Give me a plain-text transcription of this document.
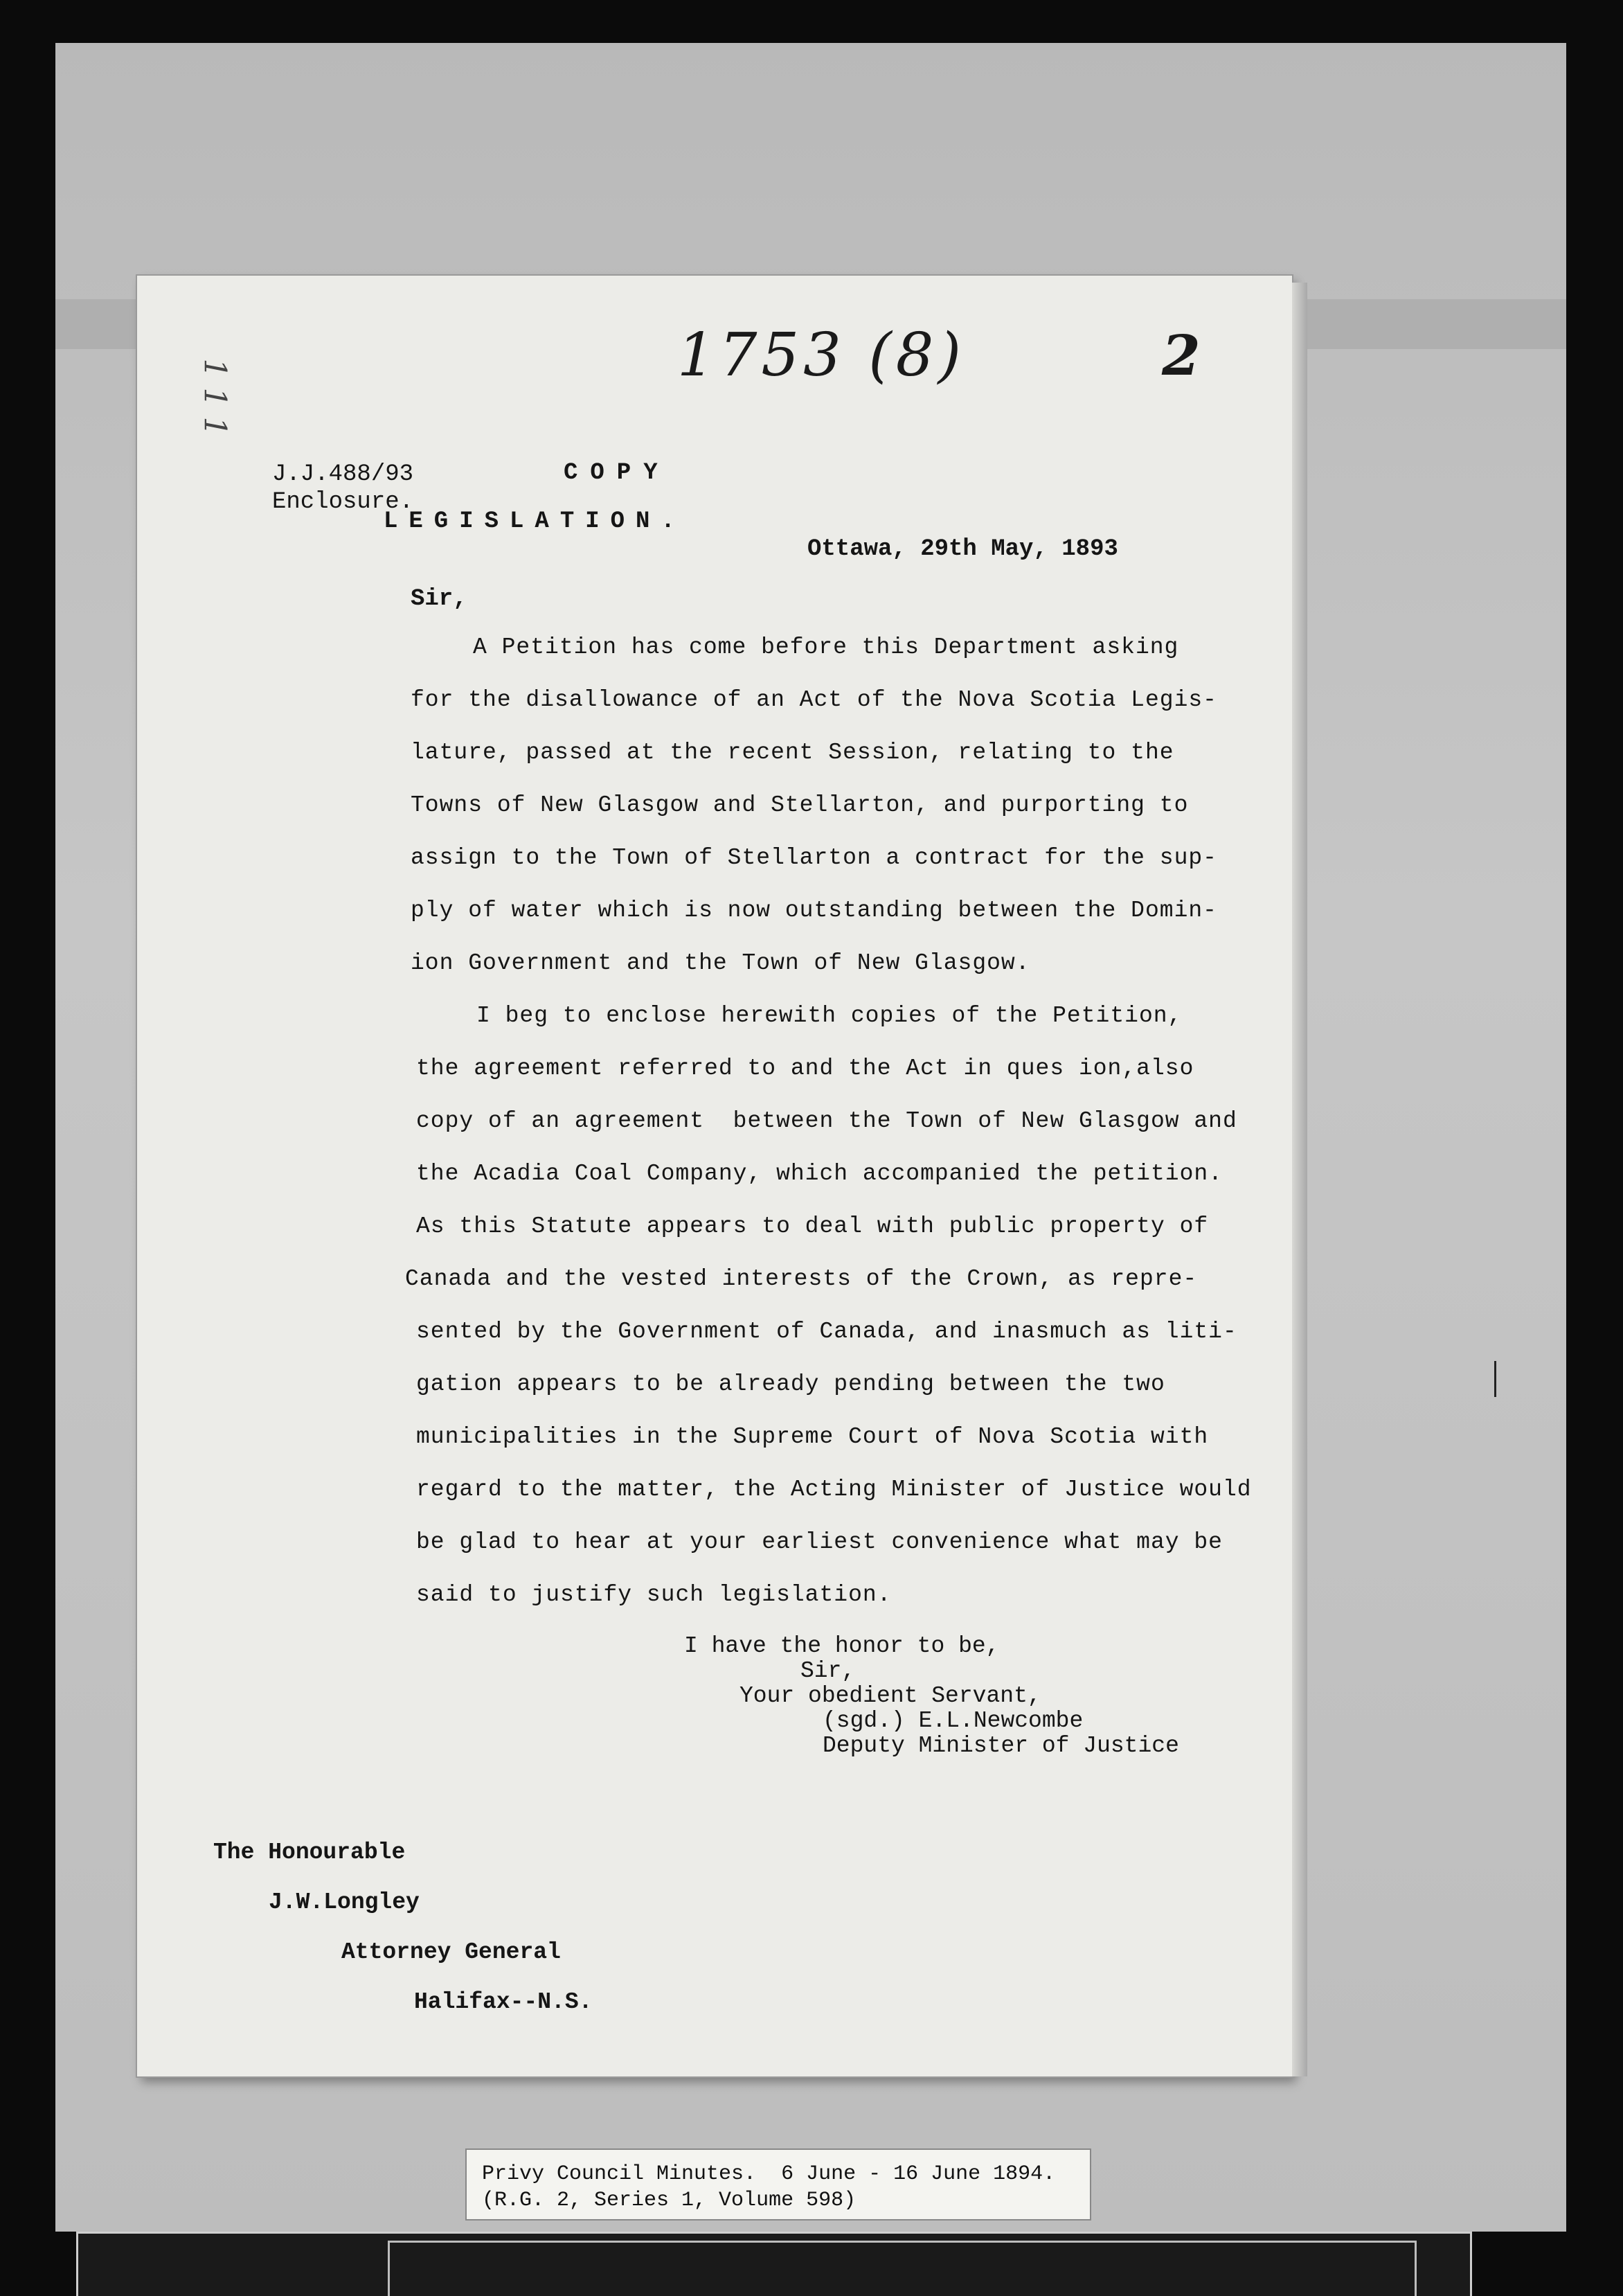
1753 (8)	2
1 1 1
J.J.488/93
Enclosure.
COPY
LEGISLATION.
Ottawa, 29th May, 1893
Sir,
A Petition has come before this Department asking
for the disallowance of an Act of the Nova Scotia Legis-
lature, passed at the recent Session, relating to the
Towns of New Glasgow and Stellarton, and purporting to
assign to the Town of Stellarton a contract for the sup-
ply of water which is now outstanding between the Domin-
ion Government and the Town of New Glasgow.
I beg to enclose herewith copies of the Petition,
the agreement referred to and the Act in ques ion,also
copy of an agreement  between the Town of New Glasgow and
the Acadia Coal Company, which accompanied the petition.
As this Statute appears to deal with public property of
Canada and the vested interests of the Crown, as repre-
sented by the Government of Canada, and inasmuch as liti-
gation appears to be already pending between the two
municipalities in the Supreme Court of Nova Scotia with
regard to the matter, the Acting Minister of Justice would
be glad to hear at your earliest convenience what may be
said to justify such legislation.
I have the honor to be,
Sir,
Your obedient Servant,
(sgd.) E.L.Newcombe
Deputy Minister of Justice
The Honourable
J.W.Longley
Attorney General
Halifax--N.S.
Privy Council Minutes.  6 June - 16 June 1894.
(R.G. 2, Series 1, Volume 598)
